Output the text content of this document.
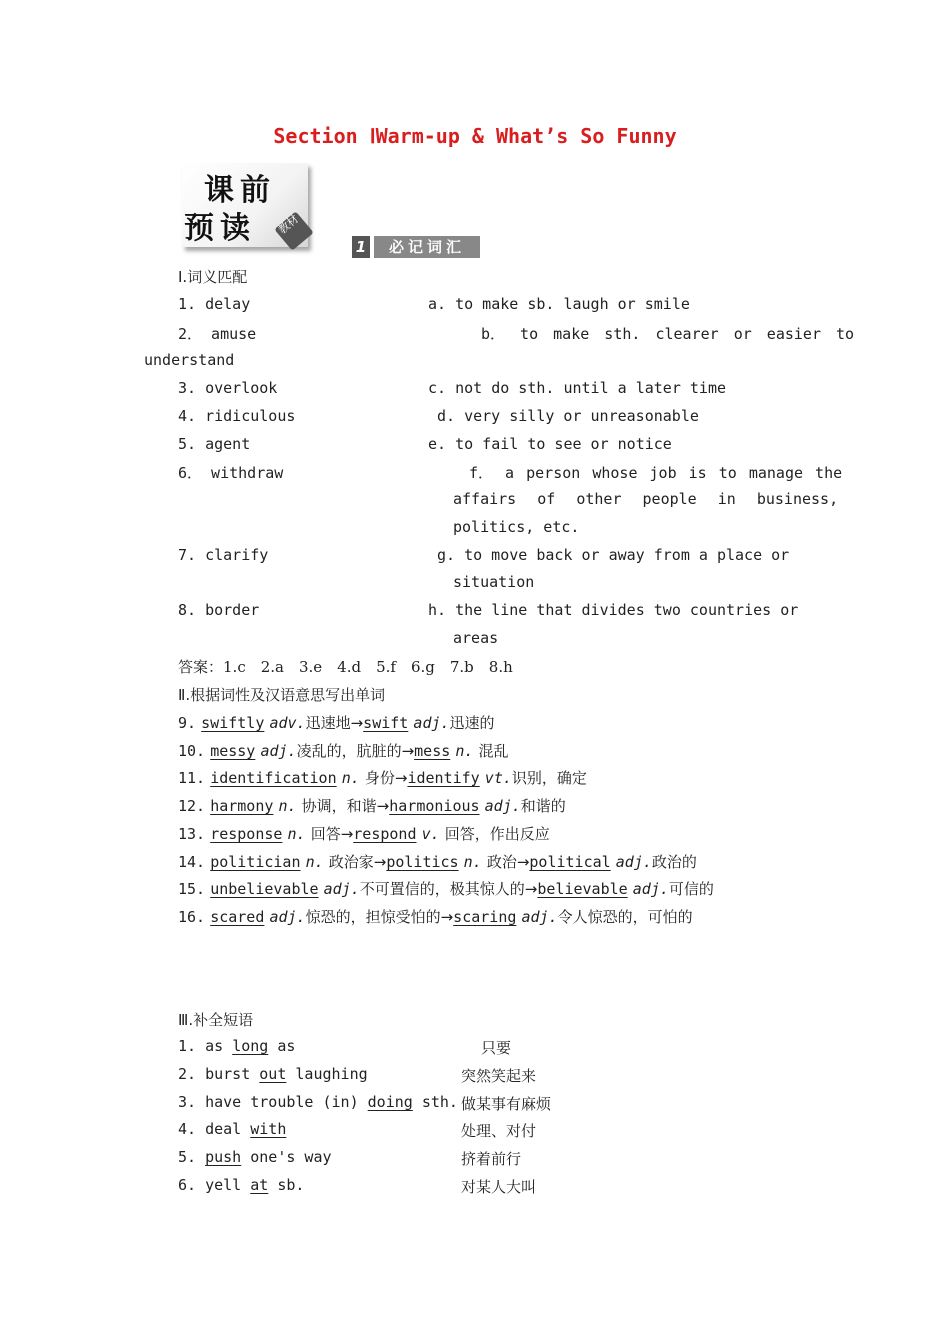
Section ⅠWarm-up & What’s So Funny
课前
预读 教材
1	必记词汇
Ⅰ.词义匹配
1. delay	a. to make sb. laugh or smile
2． amuse	b． to make sth. clearer or easier to
understand
3. overlook	c. not do sth. until a later time
4. ridiculous	d. very silly or unreasonable
5. agent	e. to fail to see or notice
6． withdraw	f． a person whose job is to manage the
affairs of other people in business,
politics, etc.
7. clarify	g. to move back or away from a place or
situation
8. border	h. the line that divides two countries or
areas
答案：1.c　2.a　3.e　4.d　5.f　6.g　7.b　8.h
Ⅱ.根据词性及汉语意思写出单词
9. swiftly adv.迅速地→swift adj.迅速的
10. messy adj.凌乱的，肮脏的→mess n. 混乱
11. identification n. 身份→identify vt.识别，确定
12. harmony n. 协调，和谐→harmonious adj.和谐的
13. response n. 回答→respond v. 回答，作出反应
14. politician n. 政治家→politics n. 政治→political adj.政治的
15. unbelievable adj.不可置信的，极其惊人的→believable adj.可信的
16. scared adj.惊恐的，担惊受怕的→scaring adj.令人惊恐的，可怕的
Ⅲ.补全短语
1. as long as	只要
2. burst out laughing	突然笑起来
3. have trouble (in) doing sth. 做某事有麻烦
4. deal with	处理、对付
5. push one's way	挤着前行
6. yell at sb.	对某人大叫
